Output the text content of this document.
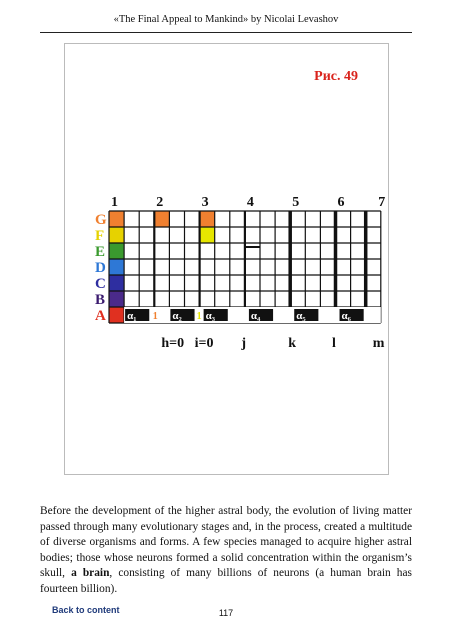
«The Final Appeal to Mankind» by Nicolai Levashov
Рис. 49
1	2	3	4	5	6 7
G
F
E
D
C
B
A α₁	α₂ α₃	α₄	α₅	α₆
1	1
h=0 i=0 j	k	l	m
Before the development of the higher astral body, the evolution of living matter passed through many evolutionary stages and, in the process, created a multitude of diverse organisms and forms. A few species managed to acquire higher astral bodies; those whose neurons formed a solid concentration within the organism’s skull, a brain, consisting of many billions of neurons (a human brain has fourteen billion).
Back to content	117
